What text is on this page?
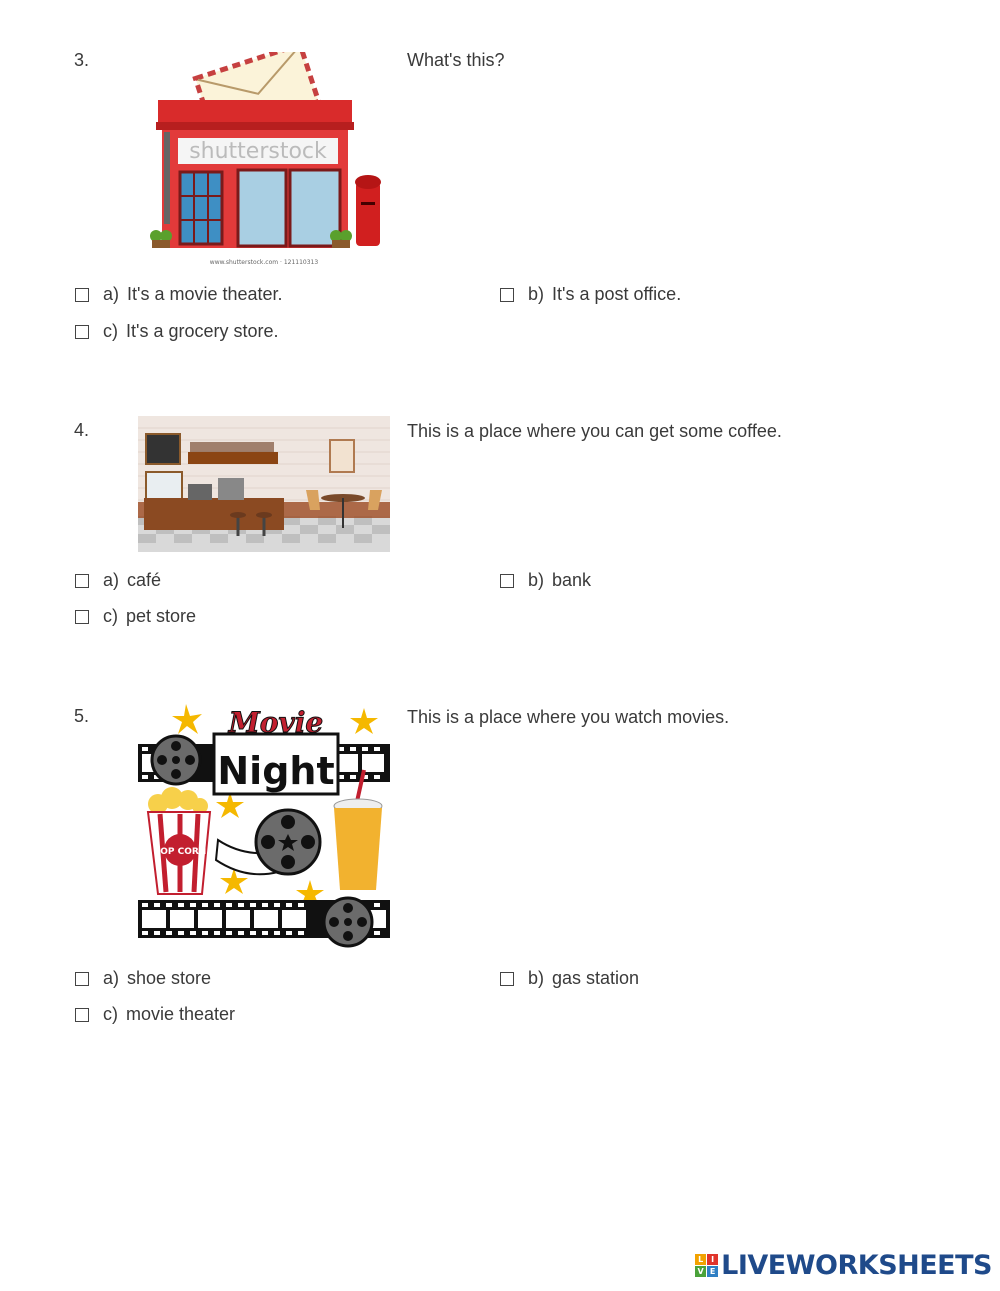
3.
shutterstock
www.shutterstock.com · 121110313
What's this?
a) It's a movie theater.	b) It's a post office.
c) It's a grocery store.
4.	This is a place where you can get some coffee.
a) café	b) bank
c) pet store
5.	Movie
Night
POP CORN
This is a place where you watch movies.
a) shoe store	b) gas station
c) movie theater
L I
V E LIVEWORKSHEETS
